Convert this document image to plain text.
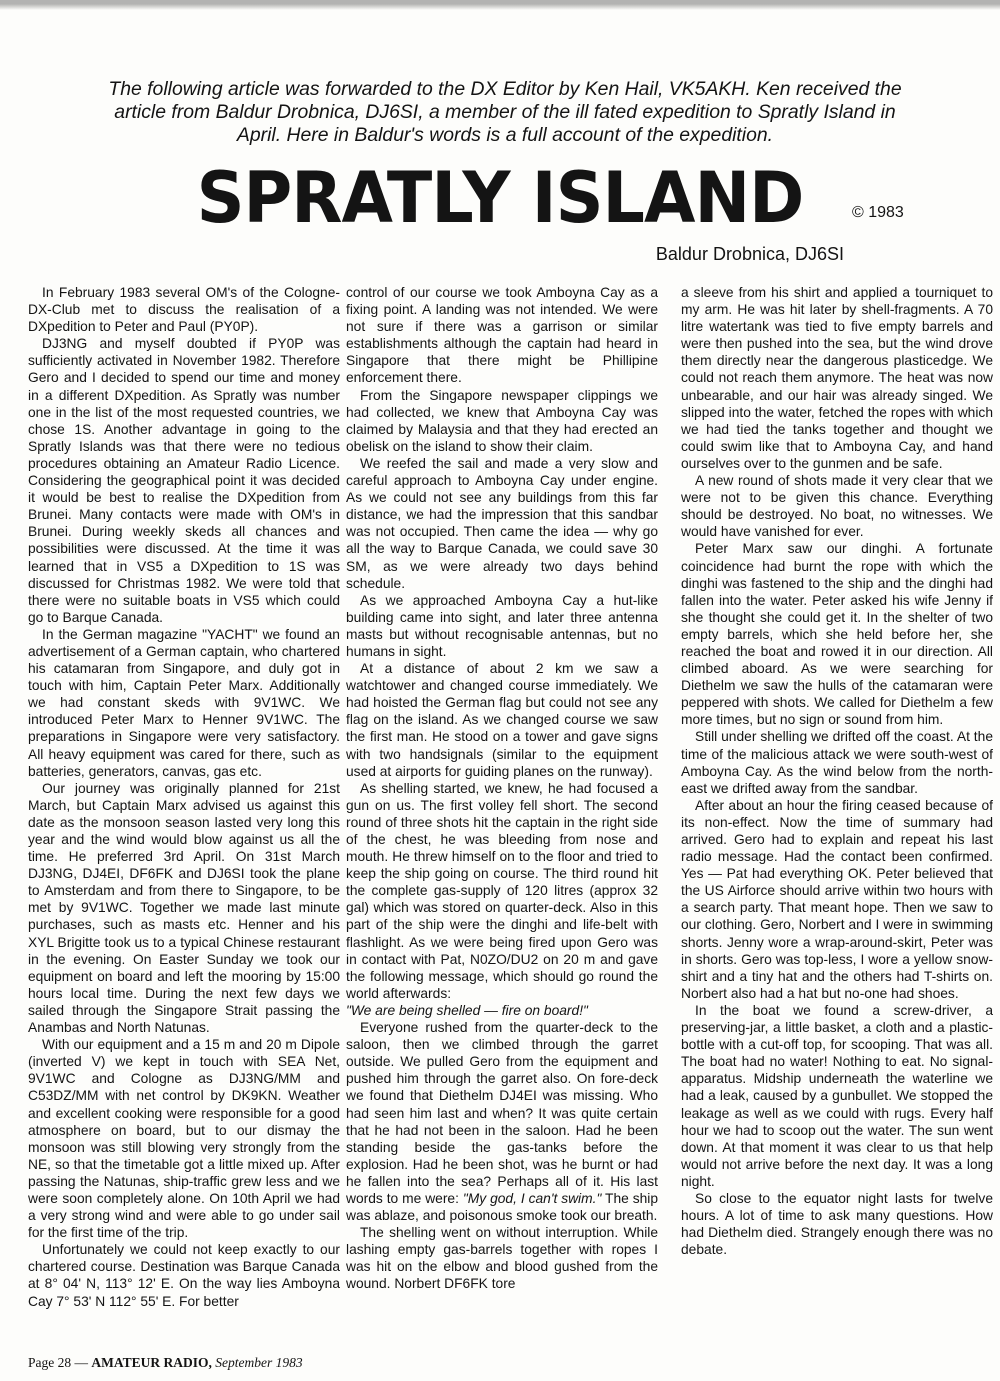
The following article was forwarded to the DX Editor by Ken Hail, VK5AKH. Ken received the article from Baldur Drobnica, DJ6SI, a member of the ill fated expedition to Spratly Island in April. Here in Baldur's words is a full account of the expedition.

SPRATLY ISLAND	© 1983

Baldur Drobnica, DJ6SI

In February 1983 several OM's of the Cologne-DX-Club met to discuss the realisation of a DXpedition to Peter and Paul (PY0P).

DJ3NG and myself doubted if PY0P was sufficiently activated in November 1982. Therefore Gero and I decided to spend our time and money in a different DXpedition. As Spratly was number one in the list of the most requested countries, we chose 1S. Another advantage in going to the Spratly Islands was that there were no tedious procedures obtaining an Amateur Radio Licence. Considering the geographical point it was decided it would be best to realise the DXpedition from Brunei. Many contacts were made with OM's in Brunei. During weekly skeds all chances and possibilities were discussed. At the time it was learned that in VS5 a DXpedition to 1S was discussed for Christmas 1982. We were told that there were no suitable boats in VS5 which could go to Barque Canada.

In the German magazine "YACHT" we found an advertisement of a German captain, who chartered his catamaran from Singapore, and duly got in touch with him, Captain Peter Marx. Additionally we had constant skeds with 9V1WC. We introduced Peter Marx to Henner 9V1WC. The preparations in Singapore were very satisfactory. All heavy equipment was cared for there, such as batteries, generators, canvas, gas etc.

Our journey was originally planned for 21st March, but Captain Marx advised us against this date as the monsoon season lasted very long this year and the wind would blow against us all the time. He preferred 3rd April. On 31st March DJ3NG, DJ4EI, DF6FK and DJ6SI took the plane to Amsterdam and from there to Singapore, to be met by 9V1WC. Together we made last minute purchases, such as masts etc. Henner and his XYL Brigitte took us to a typical Chinese restaurant in the evening. On Easter Sunday we took our equipment on board and left the mooring by 15:00 hours local time. During the next few days we sailed through the Singapore Strait passing the Anambas and North Natunas.

With our equipment and a 15 m and 20 m Dipole (inverted V) we kept in touch with SEA Net, 9V1WC and Cologne as DJ3NG/MM and C53DZ/MM with net control by DK9KN. Weather and excellent cooking were responsible for a good atmosphere on board, but to our dismay the monsoon was still blowing very strongly from the NE, so that the timetable got a little mixed up. After passing the Natunas, ship-traffic grew less and we were soon completely alone. On 10th April we had a very strong wind and were able to go under sail for the first time of the trip.

Unfortunately we could not keep exactly to our chartered course. Destination was Barque Canada at 8° 04' N, 113° 12' E. On the way lies Amboyna Cay 7° 53' N 112° 55' E. For better

control of our course we took Amboyna Cay as a fixing point. A landing was not intended. We were not sure if there was a garrison or similar establishments although the captain had heard in Singapore that there might be Phillipine enforcement there.

From the Singapore newspaper clippings we had collected, we knew that Amboyna Cay was claimed by Malaysia and that they had erected an obelisk on the island to show their claim.

We reefed the sail and made a very slow and careful approach to Amboyna Cay under engine. As we could not see any buildings from this far distance, we had the impression that this sandbar was not occupied. Then came the idea — why go all the way to Barque Canada, we could save 30 SM, as we were already two days behind schedule.

As we approached Amboyna Cay a hut-like building came into sight, and later three antenna masts but without recognisable antennas, but no humans in sight.

At a distance of about 2 km we saw a watchtower and changed course immediately. We had hoisted the German flag but could not see any flag on the island. As we changed course we saw the first man. He stood on a tower and gave signs with two handsignals (similar to the equipment used at airports for guiding planes on the runway).

As shelling started, we knew, he had focused a gun on us. The first volley fell short. The second round of three shots hit the captain in the right side of the chest, he was bleeding from nose and mouth. He threw himself on to the floor and tried to keep the ship going on course. The third round hit the complete gas-supply of 120 litres (approx 32 gal) which was stored on quarter-deck. Also in this part of the ship were the dinghi and life-belt with flashlight. As we were being fired upon Gero was in contact with Pat, N0ZO/DU2 on 20 m and gave the following message, which should go round the world afterwards:

"We are being shelled — fire on board!"

Everyone rushed from the quarter-deck to the saloon, then we climbed through the garret outside. We pulled Gero from the equipment and pushed him through the garret also. On fore-deck we found that Diethelm DJ4EI was missing. Who had seen him last and when? It was quite certain that he had not been in the saloon. Had he been standing beside the gas-tanks before the explosion. Had he been shot, was he burnt or had he fallen into the sea? Perhaps all of it. His last words to me were: "My god, I can't swim." The ship was ablaze, and poisonous smoke took our breath.

The shelling went on without interruption. While lashing empty gas-barrels together with ropes I was hit on the elbow and blood gushed from the wound. Norbert DF6FK tore

a sleeve from his shirt and applied a tourniquet to my arm. He was hit later by shell-fragments. A 70 litre watertank was tied to five empty barrels and were then pushed into the sea, but the wind drove them directly near the dangerous plasticedge. We could not reach them anymore. The heat was now unbearable, and our hair was already singed. We slipped into the water, fetched the ropes with which we had tied the tanks together and thought we could swim like that to Amboyna Cay, and hand ourselves over to the gunmen and be safe.

A new round of shots made it very clear that we were not to be given this chance. Everything should be destroyed. No boat, no witnesses. We would have vanished for ever.

Peter Marx saw our dinghi. A fortunate coincidence had burnt the rope with which the dinghi was fastened to the ship and the dinghi had fallen into the water. Peter asked his wife Jenny if she thought she could get it. In the shelter of two empty barrels, which she held before her, she reached the boat and rowed it in our direction. All climbed aboard. As we were searching for Diethelm we saw the hulls of the catamaran were peppered with shots. We called for Diethelm a few more times, but no sign or sound from him.

Still under shelling we drifted off the coast. At the time of the malicious attack we were south-west of Amboyna Cay. As the wind below from the north-east we drifted away from the sandbar.

After about an hour the firing ceased because of its non-effect. Now the time of summary had arrived. Gero had to explain and repeat his last radio message. Had the contact been confirmed. Yes — Pat had everything OK. Peter believed that the US Airforce should arrive within two hours with a search party. That meant hope. Then we saw to our clothing. Gero, Norbert and I were in swimming shorts. Jenny wore a wrap-around-skirt, Peter was in shorts. Gero was top-less, I wore a yellow snow-shirt and a tiny hat and the others had T-shirts on. Norbert also had a hat but no-one had shoes.

In the boat we found a screw-driver, a preserving-jar, a little basket, a cloth and a plastic-bottle with a cut-off top, for scooping. That was all. The boat had no water! Nothing to eat. No signal-apparatus. Midship underneath the waterline we had a leak, caused by a gunbullet. We stopped the leakage as well as we could with rugs. Every half hour we had to scoop out the water. The sun went down. At that moment it was clear to us that help would not arrive before the next day. It was a long night.

So close to the equator night lasts for twelve hours. A lot of time to ask many questions. How had Diethelm died. Strangely enough there was no debate.

Page 28 — AMATEUR RADIO, September 1983
